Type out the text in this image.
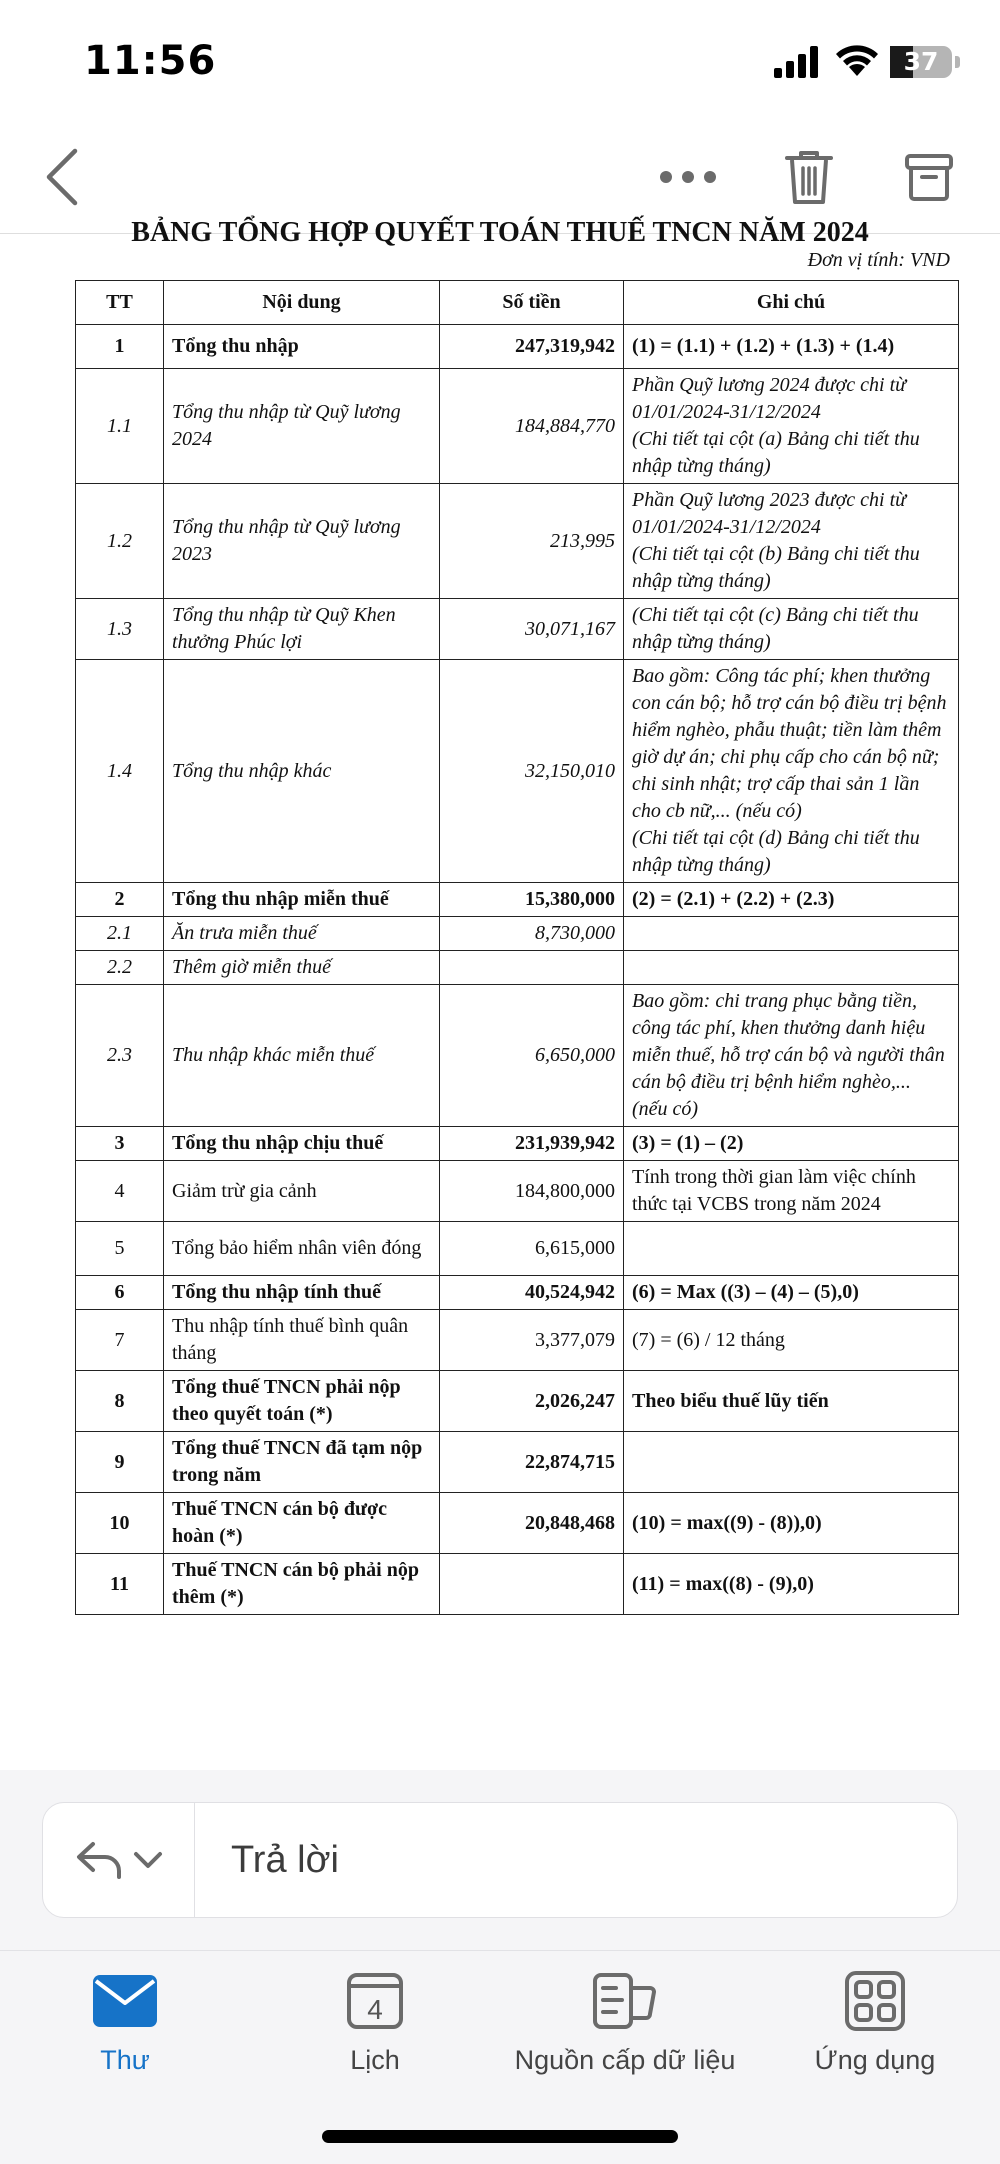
11:56	37
BẢNG TỔNG HỢP QUYẾT TOÁN THUẾ TNCN NĂM 2024
Đơn vị tính: VND
TT	Nội dung	Số tiền	Ghi chú
1	Tổng thu nhập	247,319,942	(1) = (1.1) + (1.2) + (1.3) + (1.4)
1.1	Tổng thu nhập từ Quỹ lương 2024	184,884,770	Phần Quỹ lương 2024 được chi từ 01/01/2024-31/12/2024
(Chi tiết tại cột (a) Bảng chi tiết thu nhập từng tháng)
1.2	Tổng thu nhập từ Quỹ lương 2023	213,995	Phần Quỹ lương 2023 được chi từ 01/01/2024-31/12/2024
(Chi tiết tại cột (b) Bảng chi tiết thu nhập từng tháng)
1.3	Tổng thu nhập từ Quỹ Khen thưởng Phúc lợi	30,071,167	(Chi tiết tại cột (c) Bảng chi tiết thu nhập từng tháng)
1.4	Tổng thu nhập khác	32,150,010	Bao gồm: Công tác phí; khen thưởng con cán bộ; hỗ trợ cán bộ điều trị bệnh hiểm nghèo, phẫu thuật; tiền làm thêm giờ dự án; chi phụ cấp cho cán bộ nữ; chi sinh nhật; trợ cấp thai sản 1 lần cho cb nữ,... (nếu có)
(Chi tiết tại cột (d) Bảng chi tiết thu nhập từng tháng)
2	Tổng thu nhập miễn thuế	15,380,000	(2) = (2.1) + (2.2) + (2.3)
2.1	Ăn trưa miễn thuế	8,730,000	
2.2	Thêm giờ miễn thuế		
2.3	Thu nhập khác miễn thuế	6,650,000	Bao gồm: chi trang phục bằng tiền, công tác phí, khen thưởng danh hiệu miễn thuế, hỗ trợ cán bộ và người thân cán bộ điều trị bệnh hiểm nghèo,... (nếu có)
3	Tổng thu nhập chịu thuế	231,939,942	(3) = (1) – (2)
4	Giảm trừ gia cảnh	184,800,000	Tính trong thời gian làm việc chính thức tại VCBS trong năm 2024
5	Tổng bảo hiểm nhân viên đóng	6,615,000	
6	Tổng thu nhập tính thuế	40,524,942	(6) = Max ((3) – (4) – (5),0)
7	Thu nhập tính thuế bình quân tháng	3,377,079	(7) = (6) / 12 tháng
8	Tổng thuế TNCN phải nộp theo quyết toán (*)	2,026,247	Theo biểu thuế lũy tiến
9	Tổng thuế TNCN đã tạm nộp trong năm	22,874,715	
10	Thuế TNCN cán bộ được hoàn (*)	20,848,468	(10) = max((9) - (8)),0)
11	Thuế TNCN cán bộ phải nộp thêm (*)		(11) = max((8) - (9),0)
Trả lời
Thư
4
Lịch	Nguồn cấp dữ liệu	Ứng dụng
